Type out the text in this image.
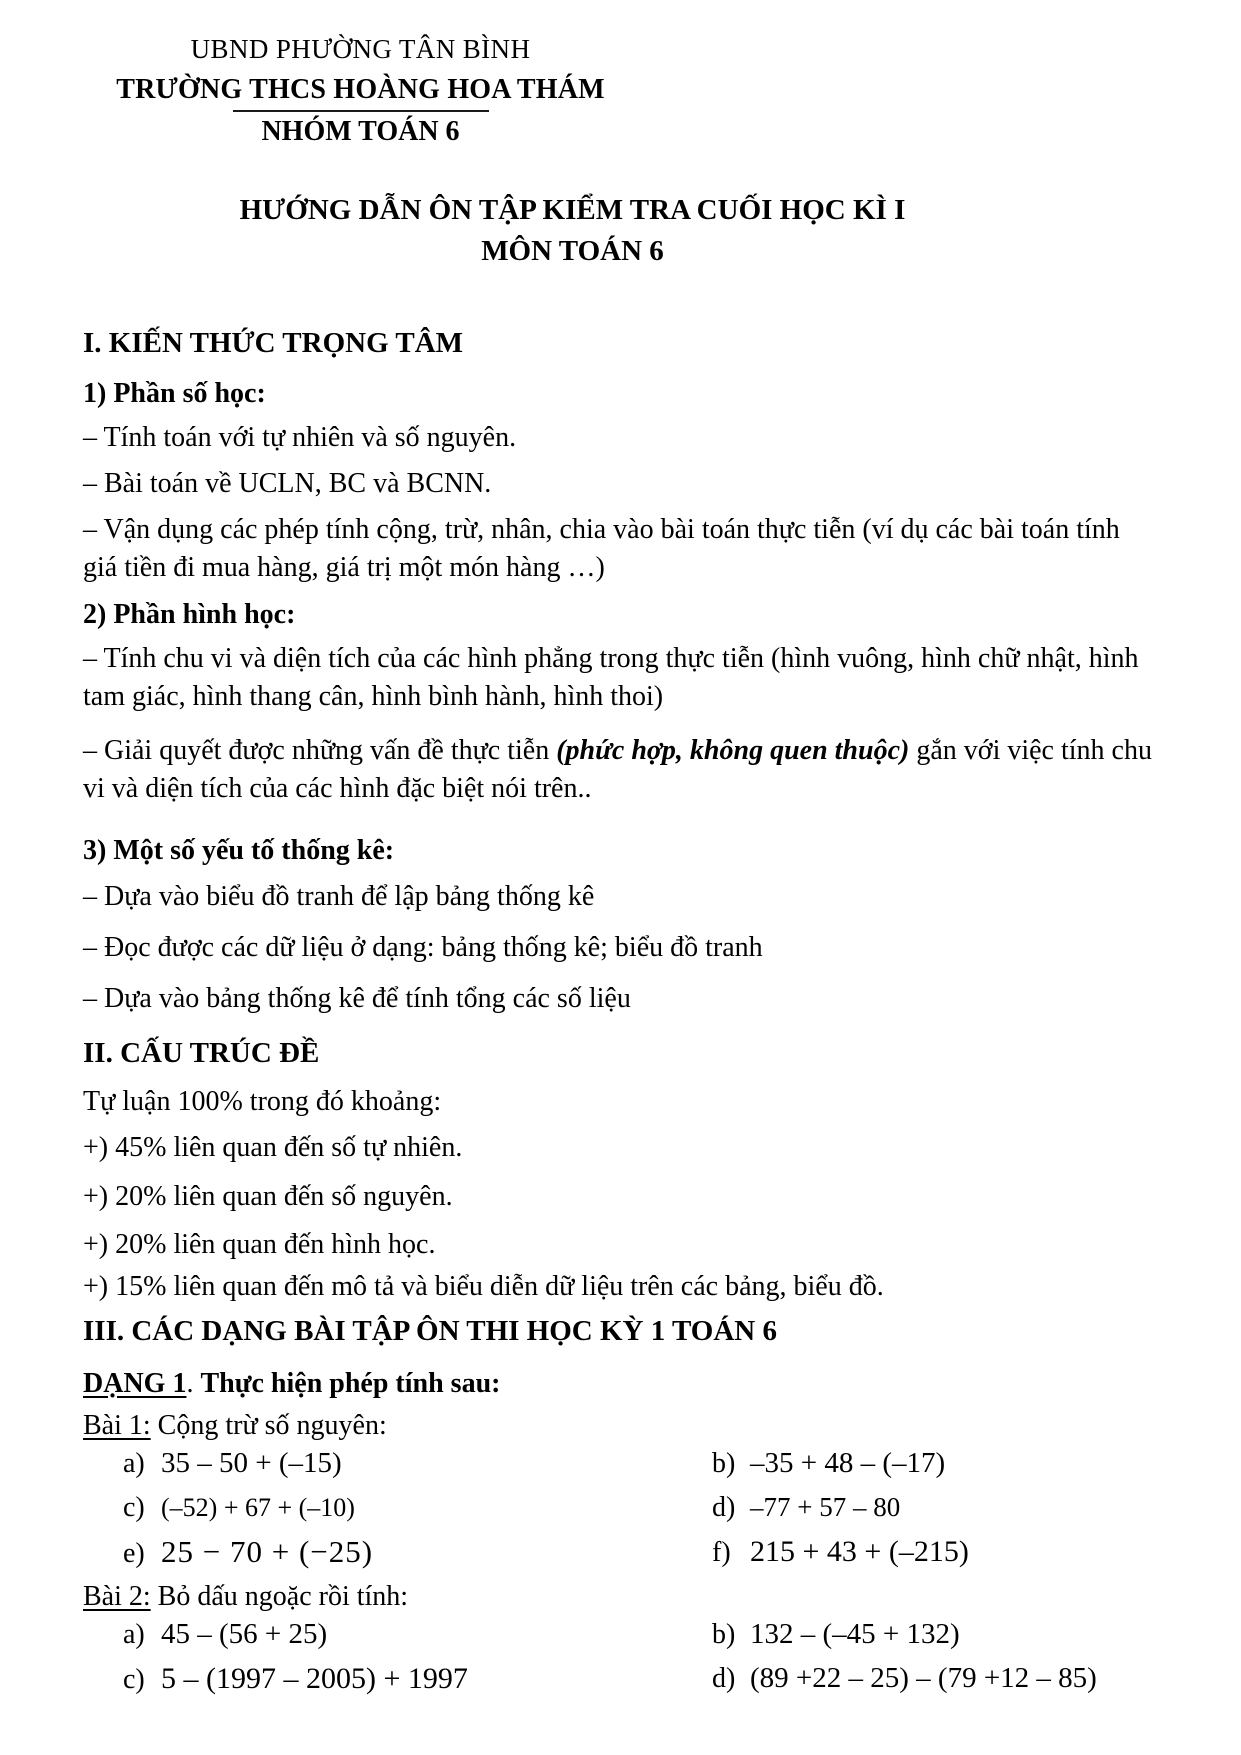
UBND PHƯỜNG TÂN BÌNH
TRƯỜNG THCS HOÀNG HOA THÁM
NHÓM TOÁN 6
HƯỚNG DẪN ÔN TẬP KIỂM TRA CUỐI HỌC KÌ I
MÔN TOÁN 6
I. KIẾN THỨC TRỌNG TÂM
1) Phần số học:

– Tính toán với tự nhiên và số nguyên.

– Bài toán về UCLN, BC và BCNN.

– Vận dụng các phép tính cộng, trừ, nhân, chia vào bài toán thực tiễn (ví dụ các bài toán tính giá tiền đi mua hàng, giá trị một món hàng …)

2) Phần hình học:

– Tính chu vi và diện tích của các hình phẳng trong thực tiễn (hình vuông, hình chữ nhật, hình tam giác, hình thang cân, hình bình hành, hình thoi)

– Giải quyết được những vấn đề thực tiễn (phức hợp, không quen thuộc) gắn với việc tính chu vi và diện tích của các hình đặc biệt nói trên..

3) Một số yếu tố thống kê:

– Dựa vào biểu đồ tranh để lập bảng thống kê

– Đọc được các dữ liệu ở dạng: bảng thống kê; biểu đồ tranh

– Dựa vào bảng thống kê để tính tổng các số liệu

II. CẤU TRÚC ĐỀ

Tự luận 100% trong đó khoảng:

+) 45% liên quan đến số tự nhiên.

+) 20% liên quan đến số nguyên.

+) 20% liên quan đến hình học.

+) 15% liên quan đến mô tả và biểu diễn dữ liệu trên các bảng, biểu đồ.

III. CÁC DẠNG BÀI TẬP ÔN THI HỌC KỲ 1 TOÁN 6
DẠNG 1. Thực hiện phép tính sau:
Bài 1: Cộng trừ số nguyên:
a) 35 – 50 + (–15)	b) –35 + 48 – (–17)
c) (–52) + 67 + (–10)	d) –77 + 57 – 80
e) 25 − 70 + (−25)	f) 215 + 43 + (–215)
Bài 2: Bỏ dấu ngoặc rồi tính:
a) 45 – (56 + 25)	b) 132 – (–45 + 132)
c) 5 – (1997 – 2005) + 1997	d) (89 +22 – 25) – (79 +12 – 85)
